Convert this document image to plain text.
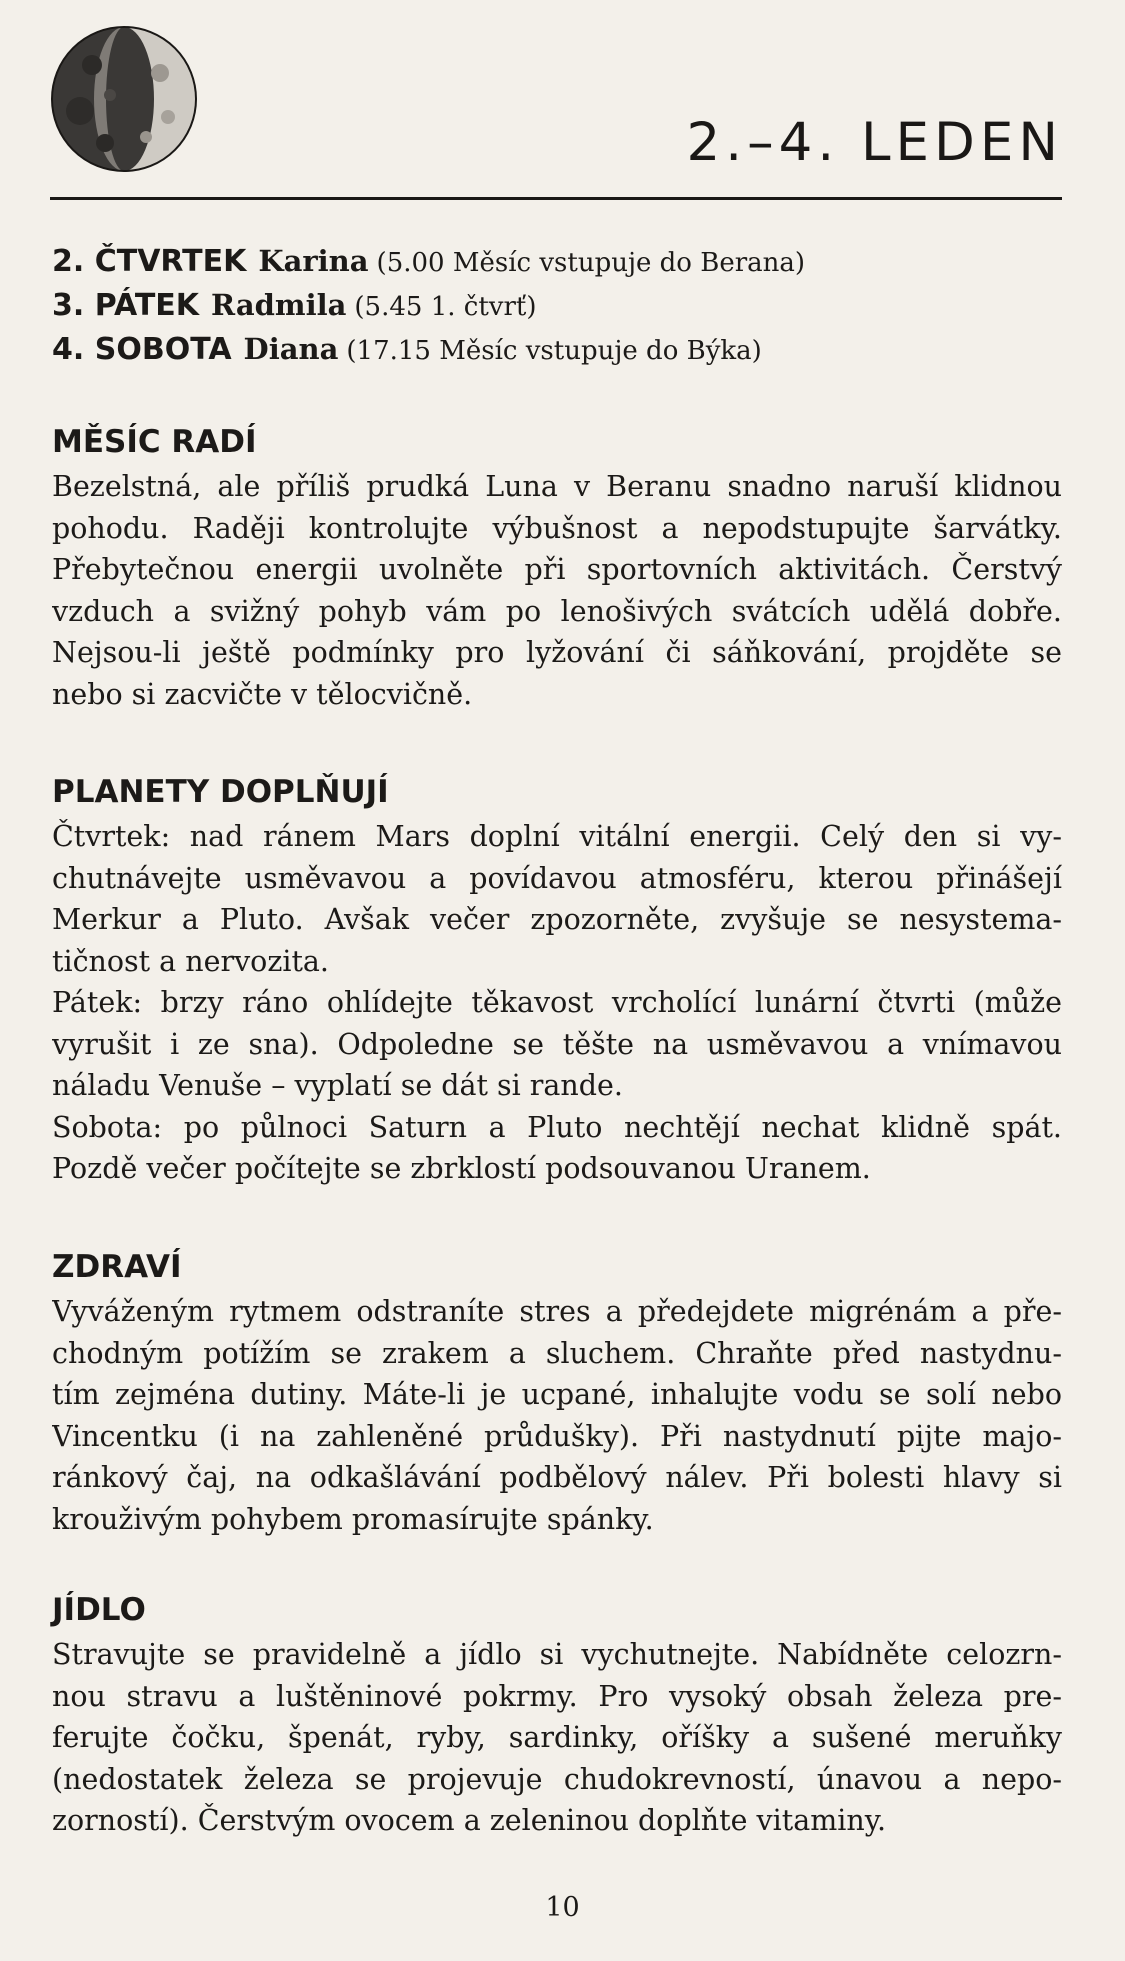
2.–4. LEDEN
2. ČTVRTEK Karina (5.00 Měsíc vstupuje do Berana)
3. PÁTEK Radmila (5.45 1. čtvrť)
4. SOBOTA Diana (17.15 Měsíc vstupuje do Býka)
MĚSÍC RADÍ
Bezelstná, ale příliš prudká Luna v Beranu snadno naruší klidnou
pohodu. Raději kontrolujte výbušnost a nepodstupujte šarvátky.
Přebytečnou energii uvolněte při sportovních aktivitách. Čerstvý
vzduch a svižný pohyb vám po lenošivých svátcích udělá dobře.
Nejsou-li ještě podmínky pro lyžování či sáňkování, projděte se
nebo si zacvičte v tělocvičně.
PLANETY DOPLŇUJÍ
Čtvrtek: nad ránem Mars doplní vitální energii. Celý den si vy-
chutnávejte usměvavou a povídavou atmosféru, kterou přinášejí
Merkur a Pluto. Avšak večer zpozorněte, zvyšuje se nesystema-
tičnost a nervozita.
Pátek: brzy ráno ohlídejte těkavost vrcholící lunární čtvrti (může
vyrušit i ze sna). Odpoledne se těšte na usměvavou a vnímavou
náladu Venuše – vyplatí se dát si rande.
Sobota: po půlnoci Saturn a Pluto nechtějí nechat klidně spát.
Pozdě večer počítejte se zbrklostí podsouvanou Uranem.
ZDRAVÍ
Vyváženým rytmem odstraníte stres a předejdete migrénám a pře-
chodným potížím se zrakem a sluchem. Chraňte před nastydnu-
tím zejména dutiny. Máte-li je ucpané, inhalujte vodu se solí nebo
Vincentku (i na zahleněné průdušky). Při nastydnutí pijte majo-
ránkový čaj, na odkašlávání podbělový nálev. Při bolesti hlavy si
krouživým pohybem promasírujte spánky.
JÍDLO
Stravujte se pravidelně a jídlo si vychutnejte. Nabídněte celozrn-
nou stravu a luštěninové pokrmy. Pro vysoký obsah železa pre-
ferujte čočku, špenát, ryby, sardinky, oříšky a sušené meruňky
(nedostatek železa se projevuje chudokrevností, únavou a nepo-
zorností). Čerstvým ovocem a zeleninou doplňte vitaminy.
10
